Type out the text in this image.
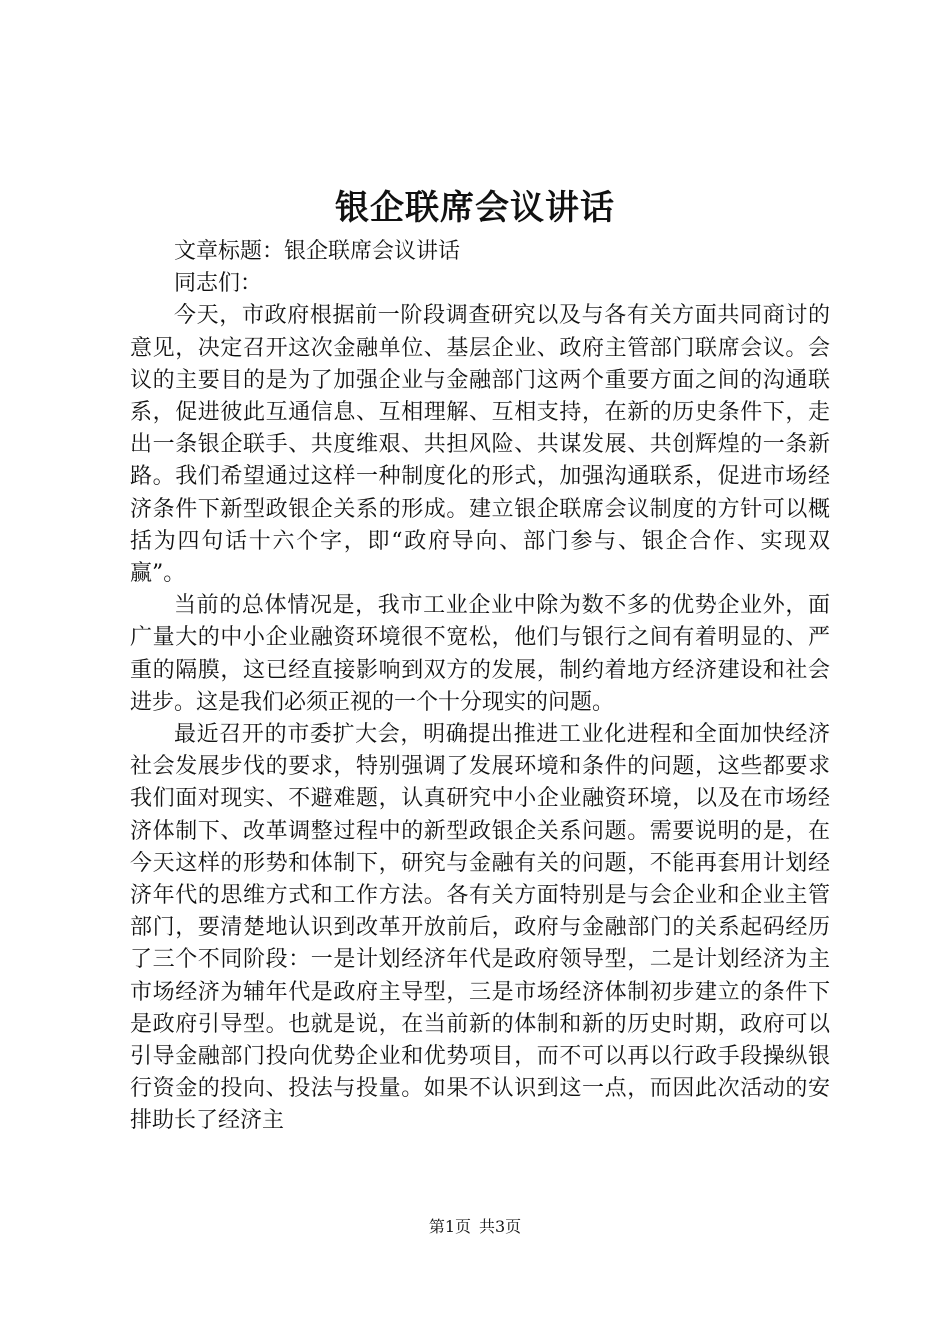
银企联席会议讲话

文章标题：银企联席会议讲话

同志们：

今天，市政府根据前一阶段调查研究以及与各有关方面共同商讨的意见，决定召开这次金融单位、基层企业、政府主管部门联席会议。会议的主要目的是为了加强企业与金融部门这两个重要方面之间的沟通联系，促进彼此互通信息、互相理解、互相支持，在新的历史条件下，走出一条银企联手、共度维艰、共担风险、共谋发展、共创辉煌的一条新路。我们希望通过这样一种制度化的形式，加强沟通联系，促进市场经济条件下新型政银企关系的形成。建立银企联席会议制度的方针可以概括为四句话十六个字，即“政府导向、部门参与、银企合作、实现双赢”。

当前的总体情况是，我市工业企业中除为数不多的优势企业外，面广量大的中小企业融资环境很不宽松，他们与银行之间有着明显的、严重的隔膜，这已经直接影响到双方的发展，制约着地方经济建设和社会进步。这是我们必须正视的一个十分现实的问题。

最近召开的市委扩大会，明确提出推进工业化进程和全面加快经济社会发展步伐的要求，特别强调了发展环境和条件的问题，这些都要求我们面对现实、不避难题，认真研究中小企业融资环境，以及在市场经济体制下、改革调整过程中的新型政银企关系问题。需要说明的是，在今天这样的形势和体制下，研究与金融有关的问题，不能再套用计划经济年代的思维方式和工作方法。各有关方面特别是与会企业和企业主管部门，要清楚地认识到改革开放前后，政府与金融部门的关系起码经历了三个不同阶段：一是计划经济年代是政府领导型，二是计划经济为主市场经济为辅年代是政府主导型，三是市场经济体制初步建立的条件下是政府引导型。也就是说，在当前新的体制和新的历史时期，政府可以引导金融部门投向优势企业和优势项目，而不可以再以行政手段操纵银行资金的投向、投法与投量。如果不认识到这一点，而因此次活动的安排助长了经济主

第1页 共3页
